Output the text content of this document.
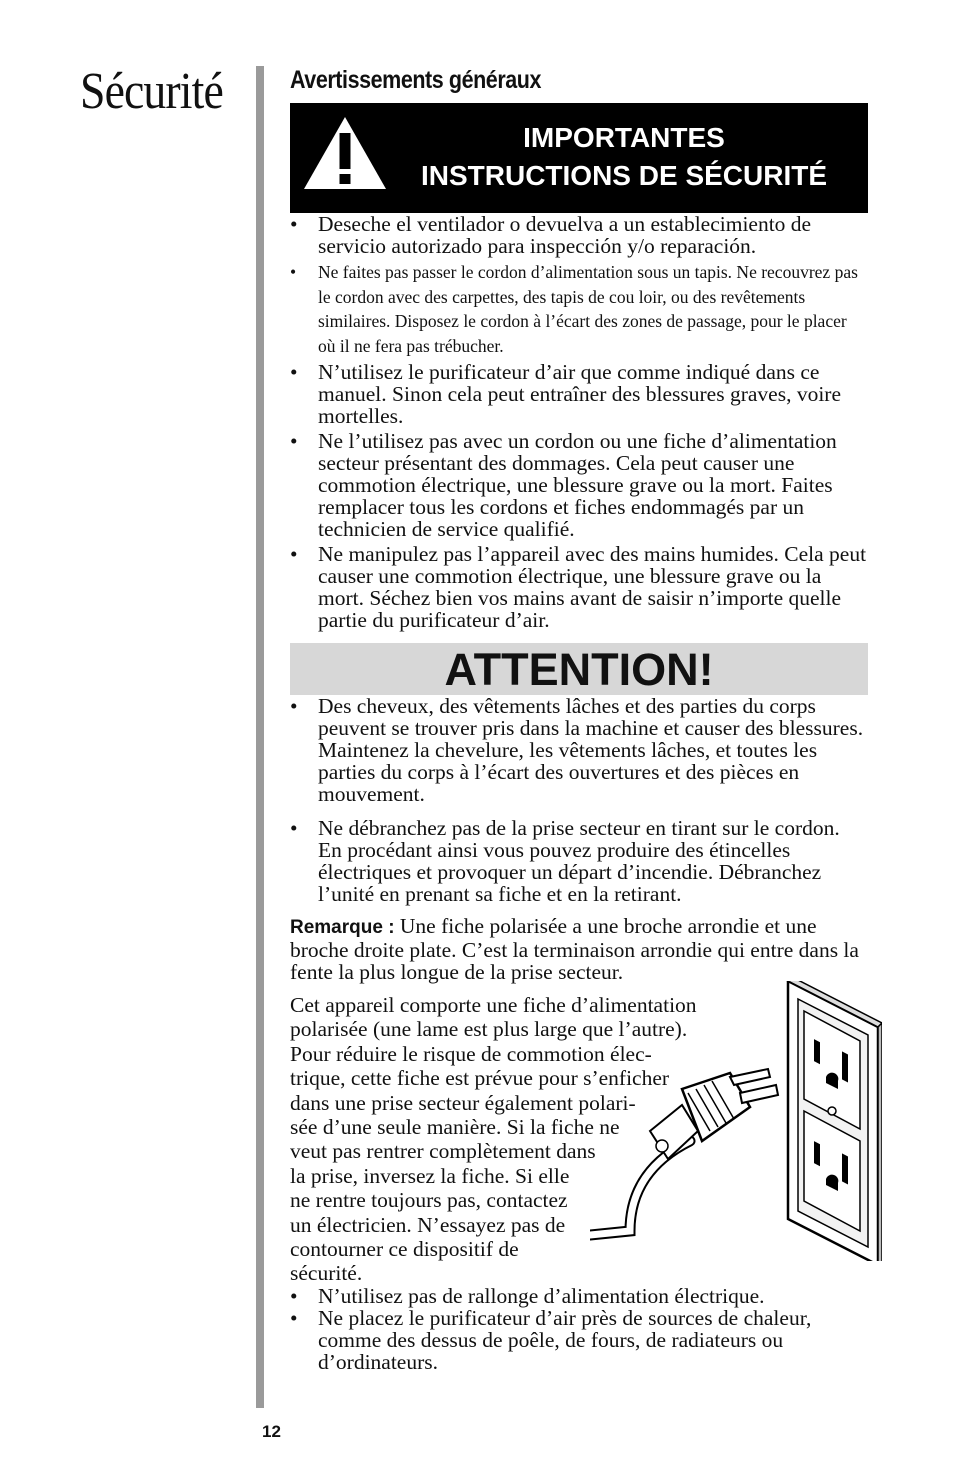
Sécurité	Avertissements généraux
IMPORTANTES
INSTRUCTIONS DE SÉCURITÉ
• Deseche el ventilador o devuelva a un establecimiento de servicio autorizado para inspección y/o reparación.
• Ne faites pas passer le cordon d’alimentation sous un tapis. Ne recouvrez pas le cordon avec des carpettes, des tapis de cou loir, ou des revêtements similaires. Disposez le cordon à l’écart des zones de passage, pour le placer où il ne fera pas trébucher.
• N’utilisez le purificateur d’air que comme indiqué dans ce manuel. Sinon cela peut entraîner des blessures graves, voire mortelles.
• Ne l’utilisez pas avec un cordon ou une fiche d’alimentation secteur présentant des dommages. Cela peut causer une commotion électrique, une blessure grave ou la mort. Faites remplacer tous les cordons et fiches endommagés par un technicien de service qualifié.
• Ne manipulez pas l’appareil avec des mains humides. Cela peut causer une commotion électrique, une blessure grave ou la mort. Séchez bien vos mains avant de saisir n’importe quelle partie du purificateur d’air.
ATTENTION!
• Des cheveux, des vêtements lâches et des parties du corps peuvent se trouver pris dans la machine et causer des blessures. Maintenez la chevelure, les vêtements lâches, et toutes les parties du corps à l’écart des ouvertures et des pièces en mouvement.
• Ne débranchez pas de la prise secteur en tirant sur le cordon. En procédant ainsi vous pouvez produire des étincelles électriques et provoquer un départ d’incendie. Débranchez l’unité en prenant sa fiche et en la retirant.

Remarque : Une fiche polarisée a une broche arrondie et une broche droite plate. C’est la terminaison arrondie qui entre dans la fente la plus longue de la prise secteur.

Cet appareil comporte une fiche d’alimentation
polarisée (une lame est plus large que l’autre).
Pour réduire le risque de commotion élec-
trique, cette fiche est prévue pour s’enficher
dans une prise secteur également polari-
sée d’une seule manière. Si la fiche ne
veut pas rentrer complètement dans
la prise, inversez la fiche. Si elle
ne rentre toujours pas, contactez
un électricien. N’essayez pas de
contourner ce dispositif de
sécurité.

• N’utilisez pas de rallonge d’alimentation électrique.
• Ne placez le purificateur d’air près de sources de chaleur, comme des dessus de poêle, de fours, de radiateurs ou d’ordinateurs.
12
